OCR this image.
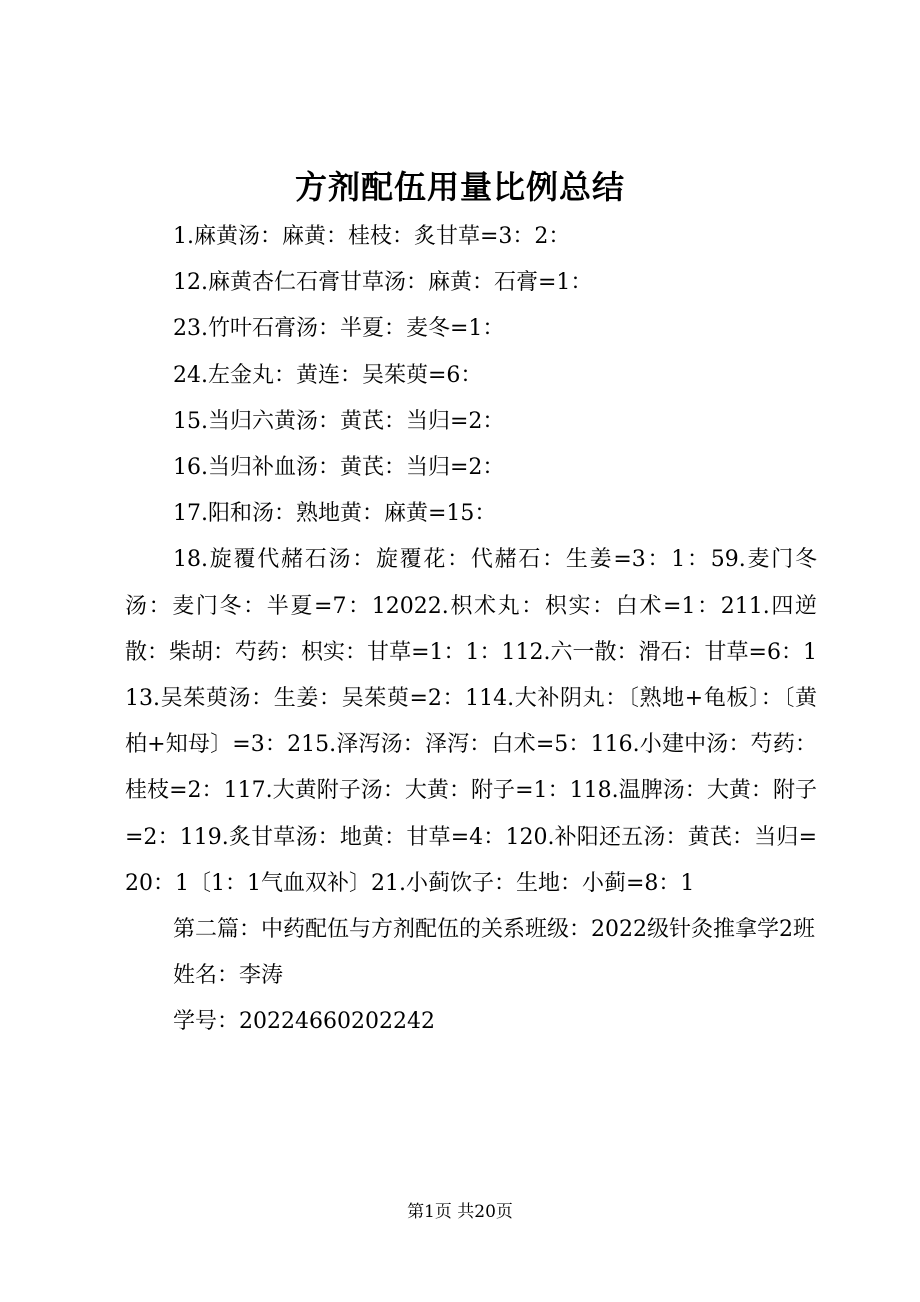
方剂配伍用量比例总结

1.麻黄汤：麻黄：桂枝：炙甘草=3：2：

12.麻黄杏仁石膏甘草汤：麻黄：石膏=1：

23.竹叶石膏汤：半夏：麦冬=1：

24.左金丸：黄连：吴茱萸=6：

15.当归六黄汤：黄芪：当归=2：

16.当归补血汤：黄芪：当归=2：

17.阳和汤：熟地黄：麻黄=15：

18.旋覆代赭石汤：旋覆花：代赭石：生姜=3：1：59.麦门冬汤：麦门冬：半夏=7：12022.枳术丸：枳实：白术=1：211.四逆散：柴胡：芍药：枳实：甘草=1：1：112.六一散：滑石：甘草=6：113.吴茱萸汤：生姜：吴茱萸=2：114.大补阴丸：〔熟地+龟板〕：〔黄柏+知母〕=3：215.泽泻汤：泽泻：白术=5：116.小建中汤：芍药：桂枝=2：117.大黄附子汤：大黄：附子=1：118.温脾汤：大黄：附子=2：119.炙甘草汤：地黄：甘草=4：120.补阳还五汤：黄芪：当归=20：1〔1：1气血双补〕21.小蓟饮子：生地：小蓟=8：1

第二篇：中药配伍与方剂配伍的关系班级：2022级针灸推拿学2班

姓名：李涛

学号：20224660202242

第1页 共20页
